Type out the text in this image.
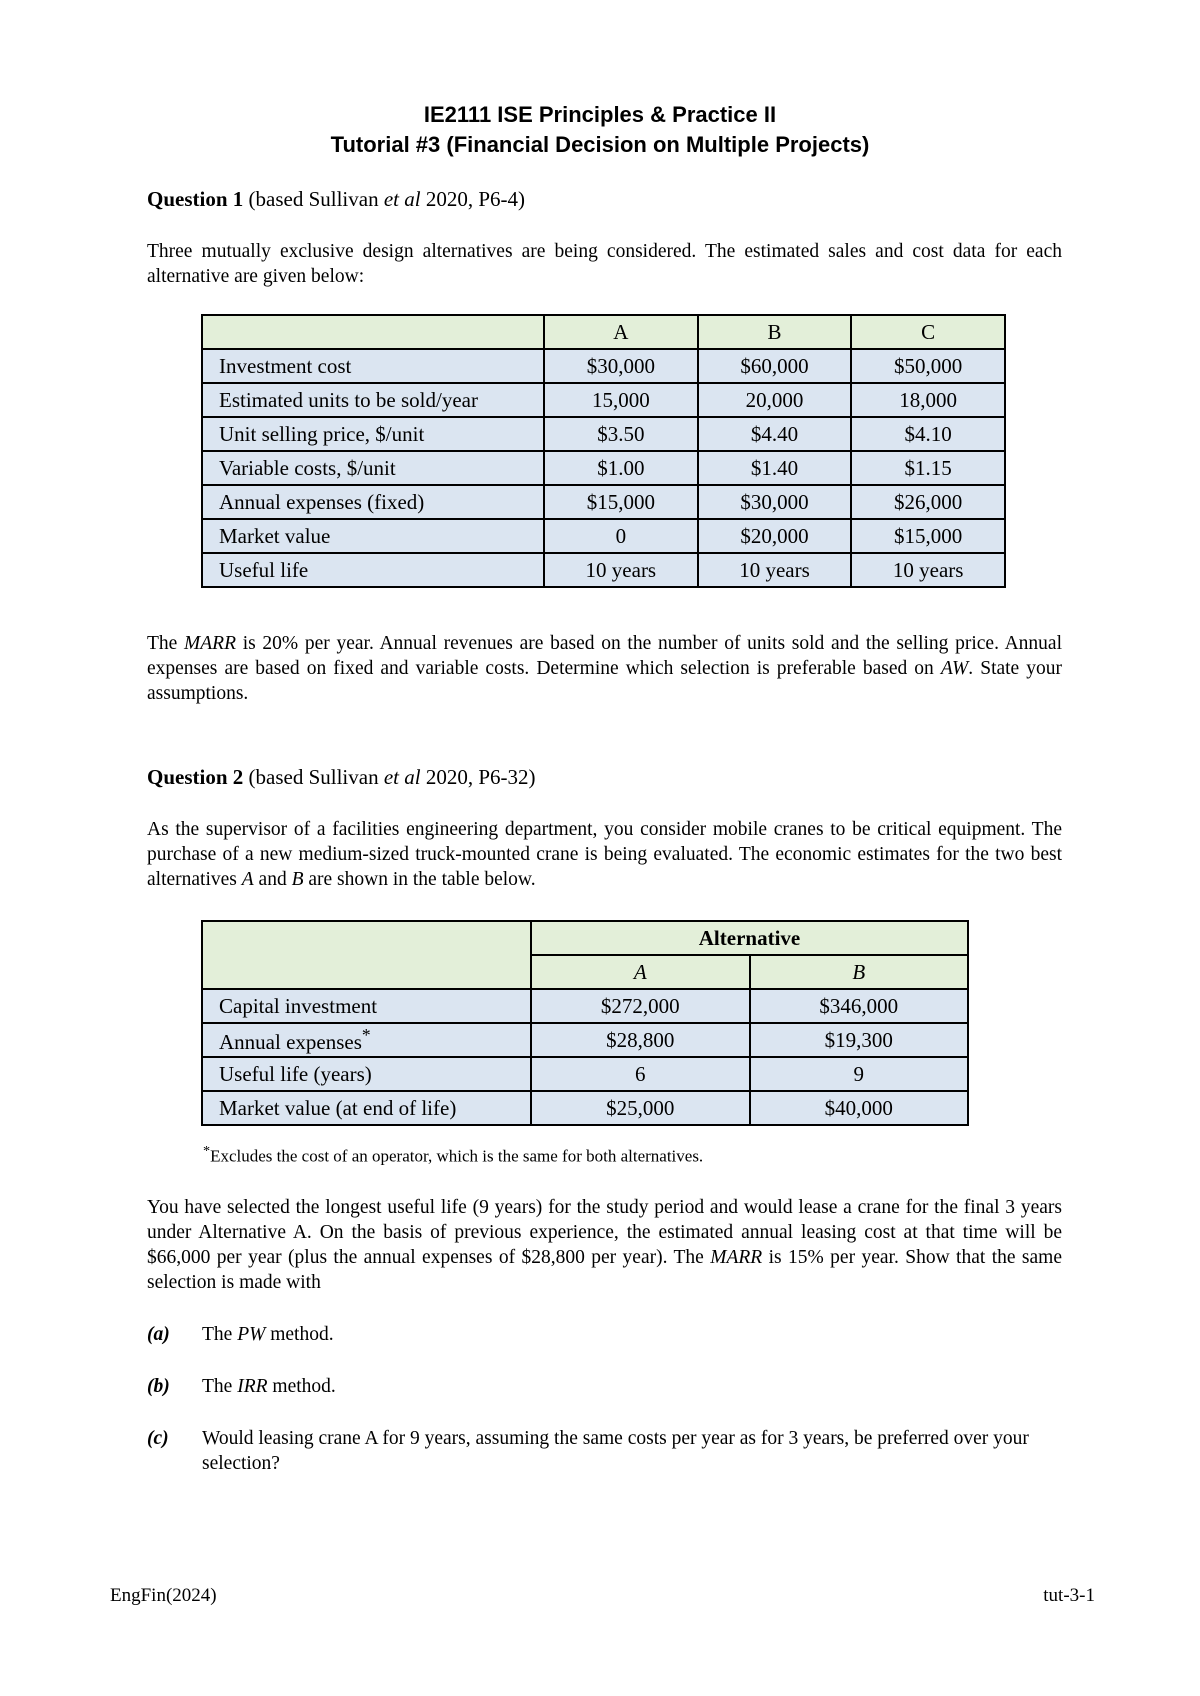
IE2111 ISE Principles & Practice II
Tutorial #3 (Financial Decision on Multiple Projects)
Question 1 (based Sullivan et al 2020, P6-4)
Three mutually exclusive design alternatives are being considered. The estimated sales and cost data for each alternative are given below:
	A	B	C
Investment cost	$30,000	$60,000	$50,000
Estimated units to be sold/year	15,000	20,000	18,000
Unit selling price, $/unit	$3.50	$4.40	$4.10
Variable costs, $/unit	$1.00	$1.40	$1.15
Annual expenses (fixed)	$15,000	$30,000	$26,000
Market value	0	$20,000	$15,000
Useful life	10 years	10 years	10 years
The MARR is 20% per year. Annual revenues are based on the number of units sold and the selling price. Annual expenses are based on fixed and variable costs. Determine which selection is preferable based on AW. State your assumptions.
Question 2 (based Sullivan et al 2020, P6-32)
As the supervisor of a facilities engineering department, you consider mobile cranes to be critical equipment. The purchase of a new medium-sized truck-mounted crane is being evaluated. The economic estimates for the two best alternatives A and B are shown in the table below.
	Alternative	
	A	B
Capital investment	$272,000	$346,000
Annual expenses*	$28,800	$19,300
Useful life (years)	6	9
Market value (at end of life)	$25,000	$40,000
*Excludes the cost of an operator, which is the same for both alternatives.
You have selected the longest useful life (9 years) for the study period and would lease a crane for the final 3 years under Alternative A. On the basis of previous experience, the estimated annual leasing cost at that time will be $66,000 per year (plus the annual expenses of $28,800 per year). The MARR is 15% per year. Show that the same selection is made with
(a) The PW method.
(b) The IRR method.
(c) Would leasing crane A for 9 years, assuming the same costs per year as for 3 years, be preferred over your selection?
EngFin(2024)	tut-3-1
